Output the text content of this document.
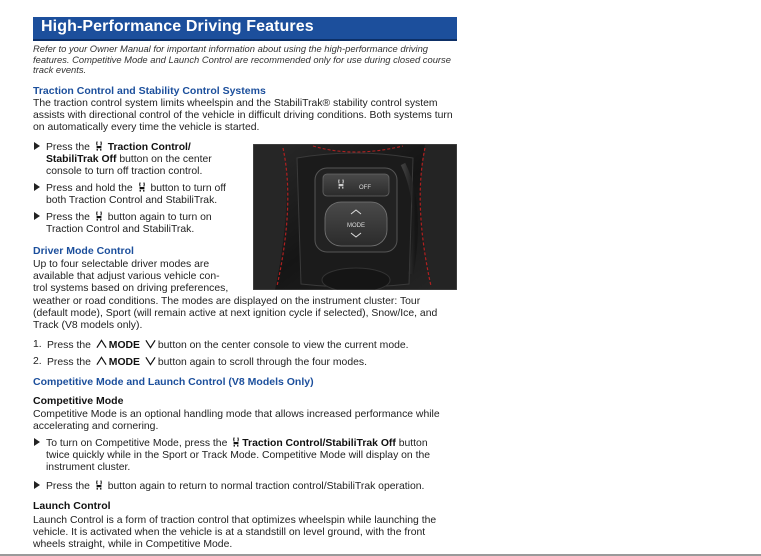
High-Performance Driving Features
Refer to your Owner Manual for important information about using the high-performance driving features. Competitive Mode and Launch Control are recommended only for use during closed course track events.
Traction Control and Stability Control Systems
The traction control system limits wheelspin and the StabiliTrak® stability control system assists with directional control of the vehicle in difficult driving conditions. Both systems turn on automatically every time the vehicle is started.
Press the Traction Control/
StabiliTrak Off button on the center
console to turn off traction control.
Press and hold the button to turn off
both Traction Control and StabiliTrak.
Press the button again to turn on
Traction Control and StabiliTrak.
OFF
MODE
Driver Mode Control
Up to four selectable driver modes are
available that adjust various vehicle con-
trol systems based on driving preferences,
weather or road conditions. The modes are displayed on the instrument cluster: Tour
(default mode), Sport (will remain active at next ignition cycle if selected), Snow/Ice, and
Track (V8 models only).
1. Press the MODE button on the center console to view the current mode.
2. Press the MODE button again to scroll through the four modes.
Competitive Mode and Launch Control (V8 Models Only)
Competitive Mode
Competitive Mode is an optional handling mode that allows increased performance while
accelerating and cornering.
To turn on Competitive Mode, press the Traction Control/StabiliTrak Off button
twice quickly while in the Sport or Track Mode. Competitive Mode will display on the
instrument cluster.
Press the button again to return to normal traction control/StabiliTrak operation.
Launch Control
Launch Control is a form of traction control that optimizes wheelspin while launching the
vehicle. It is activated when the vehicle is at a standstill on level ground, with the front
wheels straight, while in Competitive Mode.
